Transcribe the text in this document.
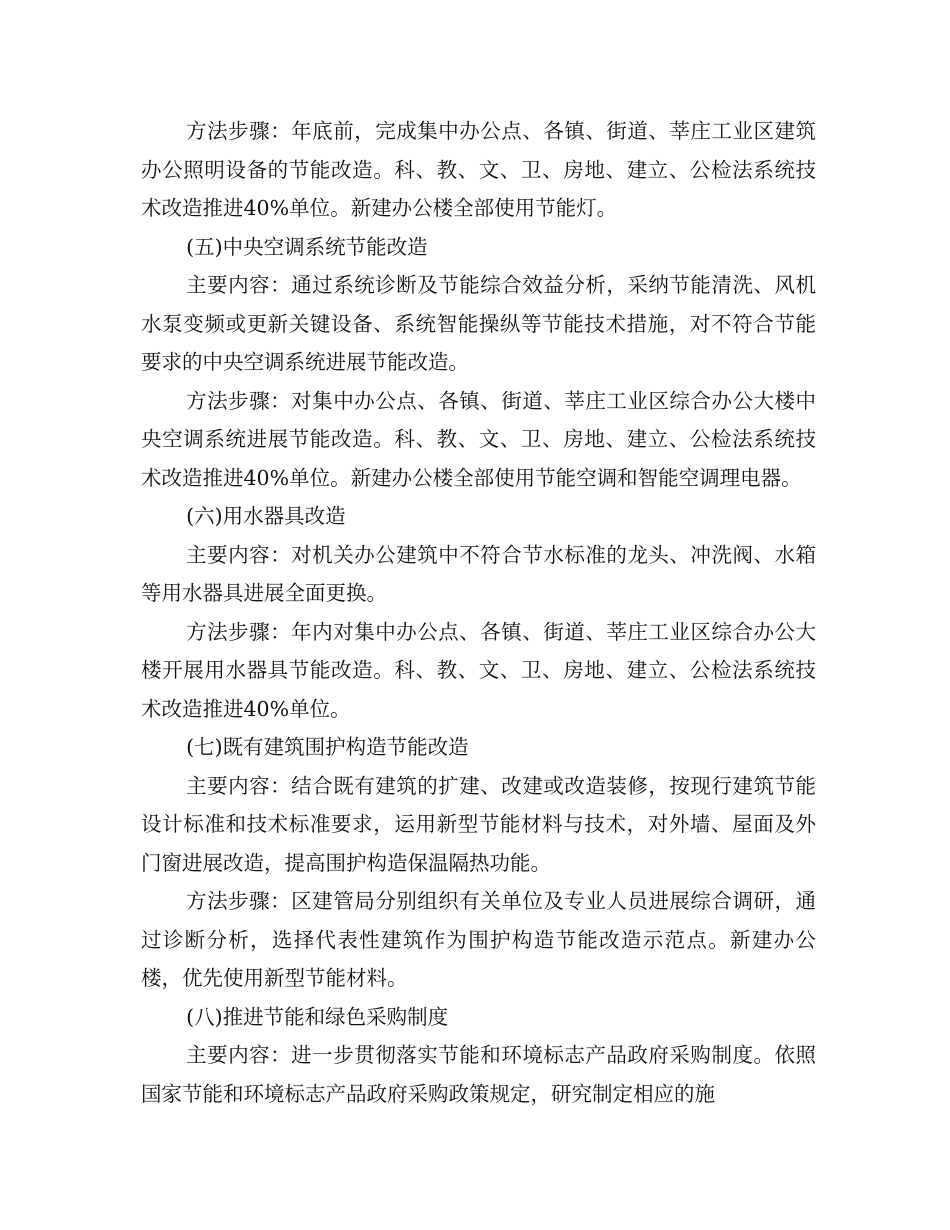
方法步骤：年底前，完成集中办公点、各镇、街道、莘庄工业区建筑办公照明设备的节能改造。科、教、文、卫、房地、建立、公检法系统技术改造推进40%单位。新建办公楼全部使用节能灯。

(五)中央空调系统节能改造

主要内容：通过系统诊断及节能综合效益分析，采纳节能清洗、风机水泵变频或更新关键设备、系统智能操纵等节能技术措施，对不符合节能要求的中央空调系统进展节能改造。

方法步骤：对集中办公点、各镇、街道、莘庄工业区综合办公大楼中央空调系统进展节能改造。科、教、文、卫、房地、建立、公检法系统技术改造推进40%单位。新建办公楼全部使用节能空调和智能空调理电器。

(六)用水器具改造

主要内容：对机关办公建筑中不符合节水标准的龙头、冲洗阀、水箱等用水器具进展全面更换。

方法步骤：年内对集中办公点、各镇、街道、莘庄工业区综合办公大楼开展用水器具节能改造。科、教、文、卫、房地、建立、公检法系统技术改造推进40%单位。

(七)既有建筑围护构造节能改造

主要内容：结合既有建筑的扩建、改建或改造装修，按现行建筑节能设计标准和技术标准要求，运用新型节能材料与技术，对外墙、屋面及外门窗进展改造，提高围护构造保温隔热功能。

方法步骤：区建管局分别组织有关单位及专业人员进展综合调研，通过诊断分析，选择代表性建筑作为围护构造节能改造示范点。新建办公楼，优先使用新型节能材料。

(八)推进节能和绿色采购制度

主要内容：进一步贯彻落实节能和环境标志产品政府采购制度。依照国家节能和环境标志产品政府采购政策规定，研究制定相应的施
